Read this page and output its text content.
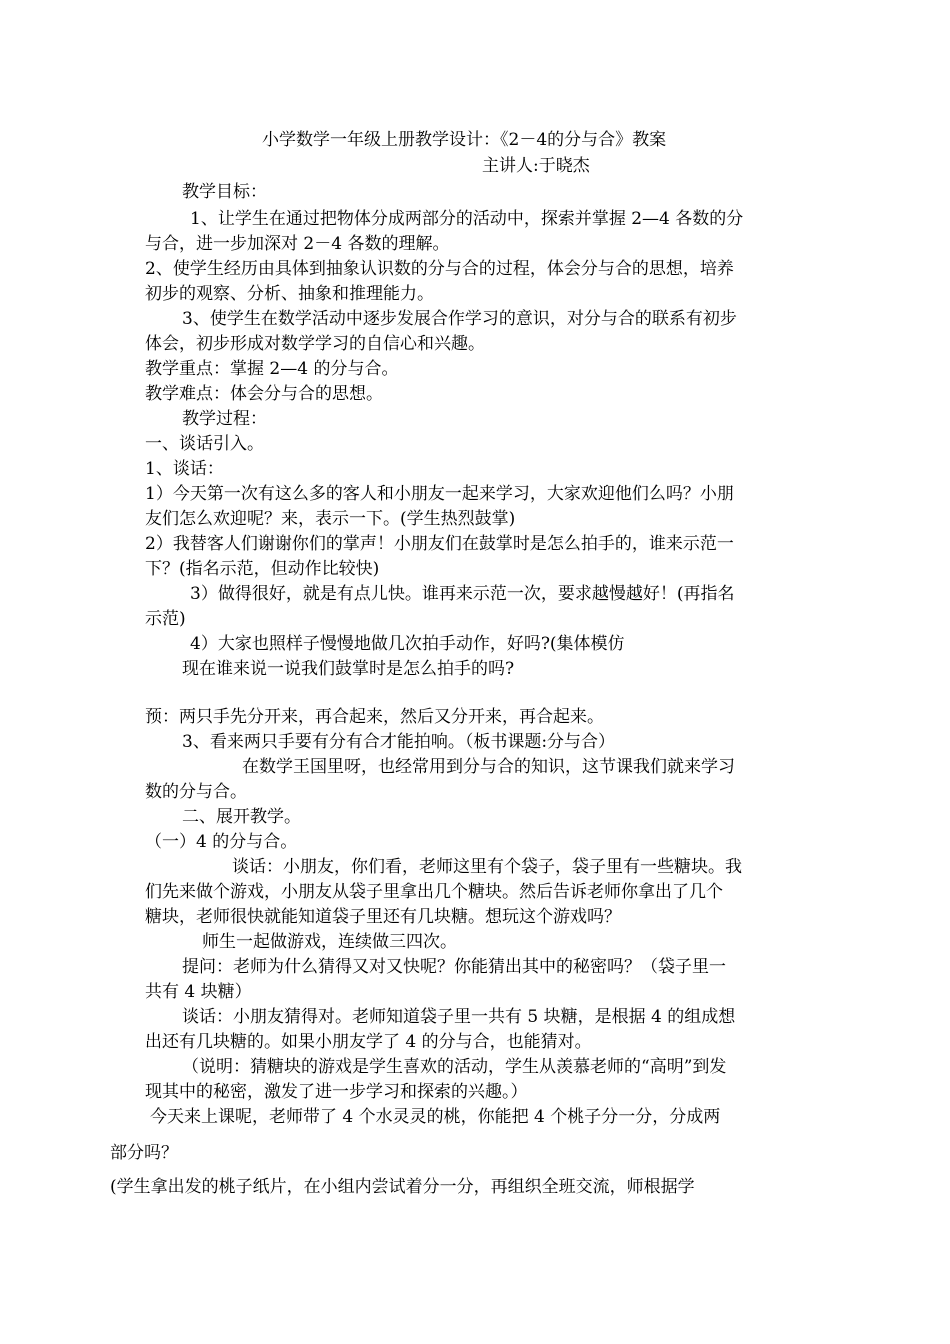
小学数学一年级上册教学设计：《2－4的分与合》教案
主讲人:于晓杰
教学目标：
1、让学生在通过把物体分成两部分的活动中，探索并掌握 2—4 各数的分
与合，进一步加深对 2－4 各数的理解。
2、使学生经历由具体到抽象认识数的分与合的过程，体会分与合的思想，培养
初步的观察、分析、抽象和推理能力。
3、使学生在数学活动中逐步发展合作学习的意识，对分与合的联系有初步
体会，初步形成对数学学习的自信心和兴趣。
教学重点：掌握 2—4 的分与合。
教学难点：体会分与合的思想。
教学过程：
一、谈话引入。
1、谈话：
1）今天第一次有这么多的客人和小朋友一起来学习，大家欢迎他们么吗？小朋
友们怎么欢迎呢？来，表示一下。(学生热烈鼓掌)
2）我替客人们谢谢你们的掌声！小朋友们在鼓掌时是怎么拍手的，谁来示范一
下？(指名示范，但动作比较快)
3）做得很好，就是有点儿快。谁再来示范一次，要求越慢越好！(再指名
示范)
4）大家也照样子慢慢地做几次拍手动作，好吗?(集体模仿
现在谁来说一说我们鼓掌时是怎么拍手的吗?
预：两只手先分开来，再合起来，然后又分开来，再合起来。
3、看来两只手要有分有合才能拍响。（板书课题:分与合）
在数学王国里呀，也经常用到分与合的知识，这节课我们就来学习
数的分与合。
二、展开教学。
（一）4 的分与合。
谈话：小朋友，你们看，老师这里有个袋子，袋子里有一些糖块。我
们先来做个游戏，小朋友从袋子里拿出几个糖块。然后告诉老师你拿出了几个
糖块，老师很快就能知道袋子里还有几块糖。想玩这个游戏吗？
师生一起做游戏，连续做三四次。
提问：老师为什么猜得又对又快呢？你能猜出其中的秘密吗？（袋子里一
共有 4 块糖）
谈话：小朋友猜得对。老师知道袋子里一共有 5 块糖，是根据 4 的组成想
出还有几块糖的。如果小朋友学了 4 的分与合，也能猜对。
（说明：猜糖块的游戏是学生喜欢的活动，学生从羡慕老师的“高明”到发
现其中的秘密，激发了进一步学习和探索的兴趣。）
今天来上课呢，老师带了 4 个水灵灵的桃，你能把 4 个桃子分一分，分成两
部分吗？
(学生拿出发的桃子纸片，在小组内尝试着分一分，再组织全班交流，师根据学
